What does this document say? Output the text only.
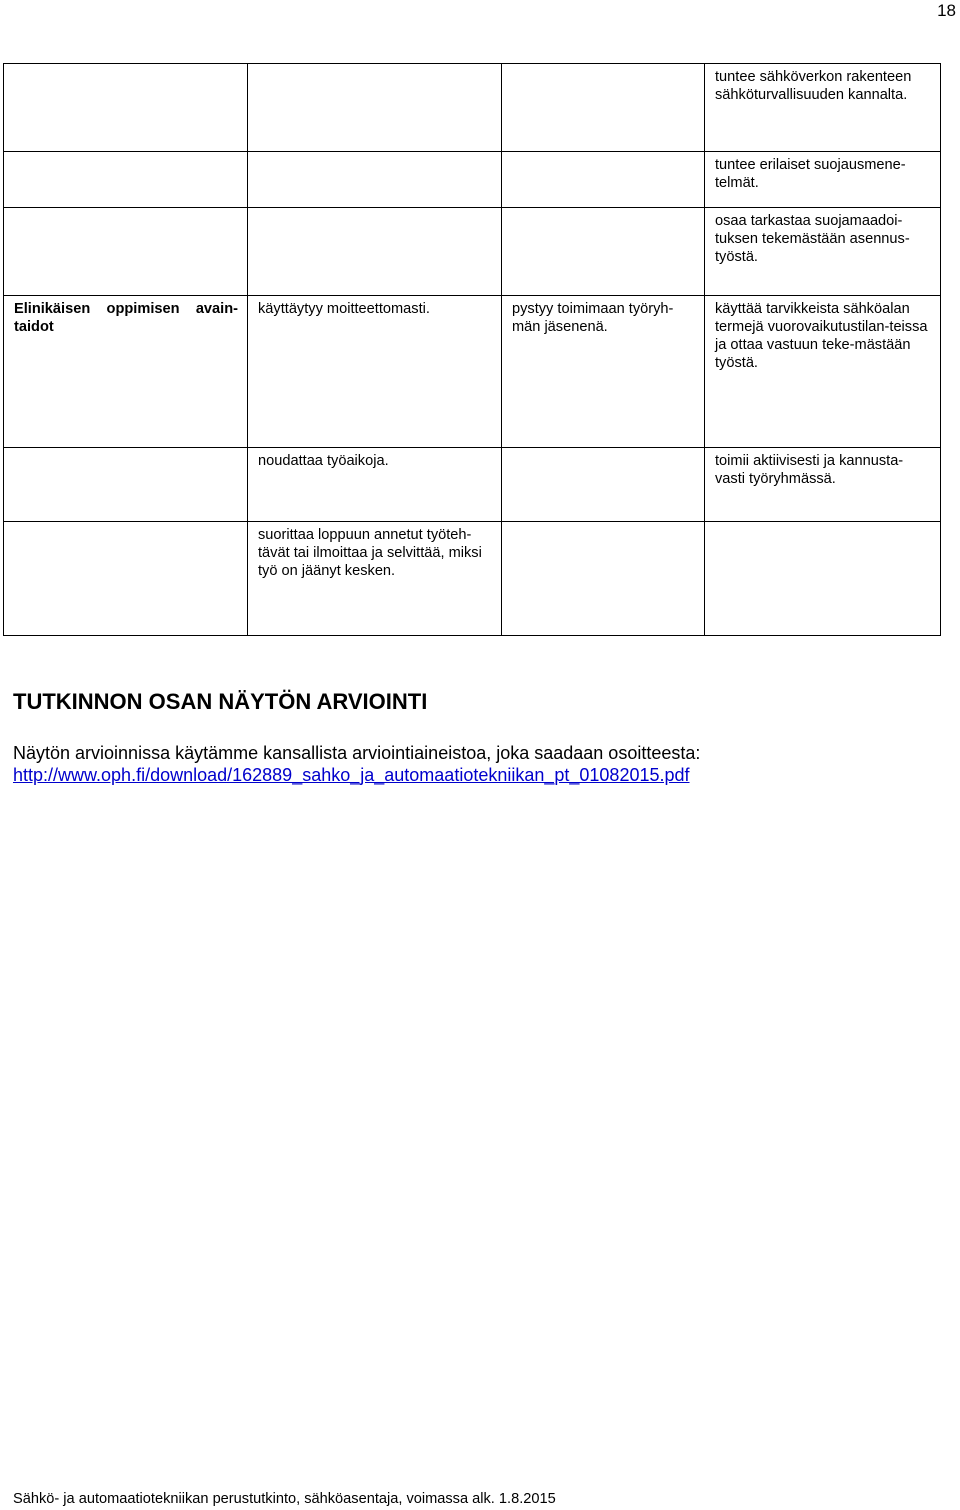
18

			tuntee sähköverkon rakenteen sähköturvallisuuden kannalta.

			tuntee erilaiset suojausmene-telmät.

			osaa tarkastaa suojamaadoi-tuksen tekemästään asennus-työstä.

Elinikäisen oppimisen avain-taidot	käyttäytyy moitteettomasti.	pystyy toimimaan työryh-män jäsenenä.	käyttää tarvikkeista sähköalan termejä vuorovaikutustilan-teissa ja ottaa vastuun teke-mästään työstä.

	noudattaa työaikoja.		toimii aktiivisesti ja kannusta-vasti työryhmässä.

	suorittaa loppuun annetut työteh-tävät tai ilmoittaa ja selvittää, miksi työ on jäänyt kesken.		

TUTKINNON OSAN NÄYTÖN ARVIOINTI

Näytön arvioinnissa käytämme kansallista arviointiaineistoa, joka saadaan osoitteesta:
http://www.oph.fi/download/162889_sahko_ja_automaatiotekniikan_pt_01082015.pdf

Sähkö- ja automaatiotekniikan perustutkinto, sähköasentaja, voimassa alk. 1.8.2015
